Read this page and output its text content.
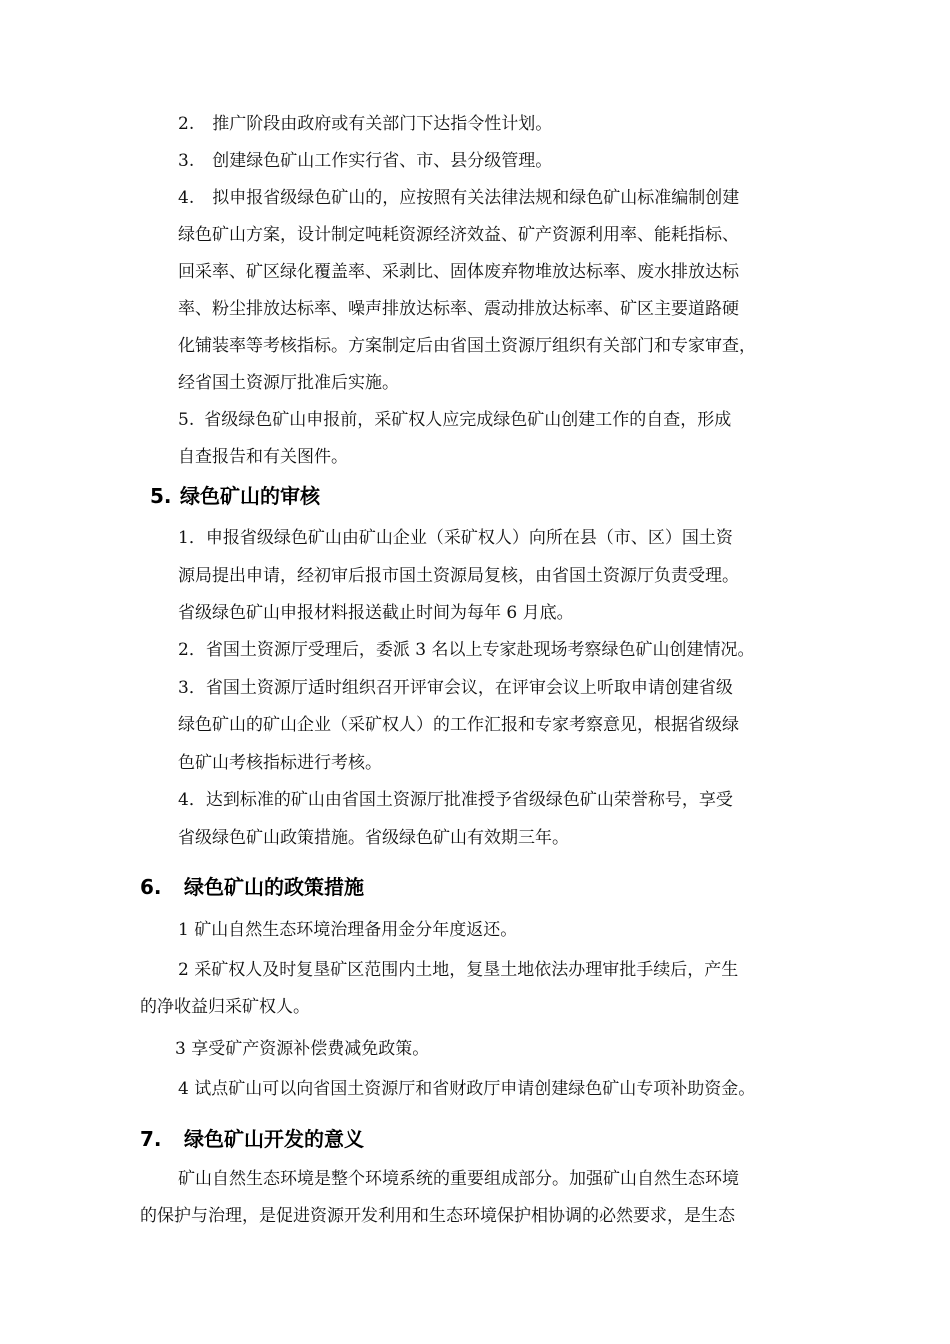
2. 推广阶段由政府或有关部门下达指令性计划。

3. 创建绿色矿山工作实行省、市、县分级管理。

4. 拟申报省级绿色矿山的，应按照有关法律法规和绿色矿山标准编制创建

绿色矿山方案，设计制定吨耗资源经济效益、矿产资源利用率、能耗指标、

回采率、矿区绿化覆盖率、采剥比、固体废弃物堆放达标率、废水排放达标

率、粉尘排放达标率、噪声排放达标率、震动排放达标率、矿区主要道路硬

化铺装率等考核指标。方案制定后由省国土资源厅组织有关部门和专家审查，

经省国土资源厅批准后实施。

5. 省级绿色矿山申报前，采矿权人应完成绿色矿山创建工作的自查，形成

自查报告和有关图件。

5. 绿色矿山的审核

1．申报省级绿色矿山由矿山企业（采矿权人）向所在县（市、区）国土资

源局提出申请，经初审后报市国土资源局复核，由省国土资源厅负责受理。

省级绿色矿山申报材料报送截止时间为每年 6 月底。

2．省国土资源厅受理后，委派 3 名以上专家赴现场考察绿色矿山创建情况。

3．省国土资源厅适时组织召开评审会议，在评审会议上听取申请创建省级

绿色矿山的矿山企业（采矿权人）的工作汇报和专家考察意见，根据省级绿

色矿山考核指标进行考核。

4．达到标准的矿山由省国土资源厅批准授予省级绿色矿山荣誉称号，享受

省级绿色矿山政策措施。省级绿色矿山有效期三年。

6. 绿色矿山的政策措施

1 矿山自然生态环境治理备用金分年度返还。

2 采矿权人及时复垦矿区范围内土地，复垦土地依法办理审批手续后，产生

的净收益归采矿权人。

3 享受矿产资源补偿费减免政策。

4 试点矿山可以向省国土资源厅和省财政厅申请创建绿色矿山专项补助资金。

7. 绿色矿山开发的意义

矿山自然生态环境是整个环境系统的重要组成部分。加强矿山自然生态环境

的保护与治理，是促进资源开发利用和生态环境保护相协调的必然要求，是生态
